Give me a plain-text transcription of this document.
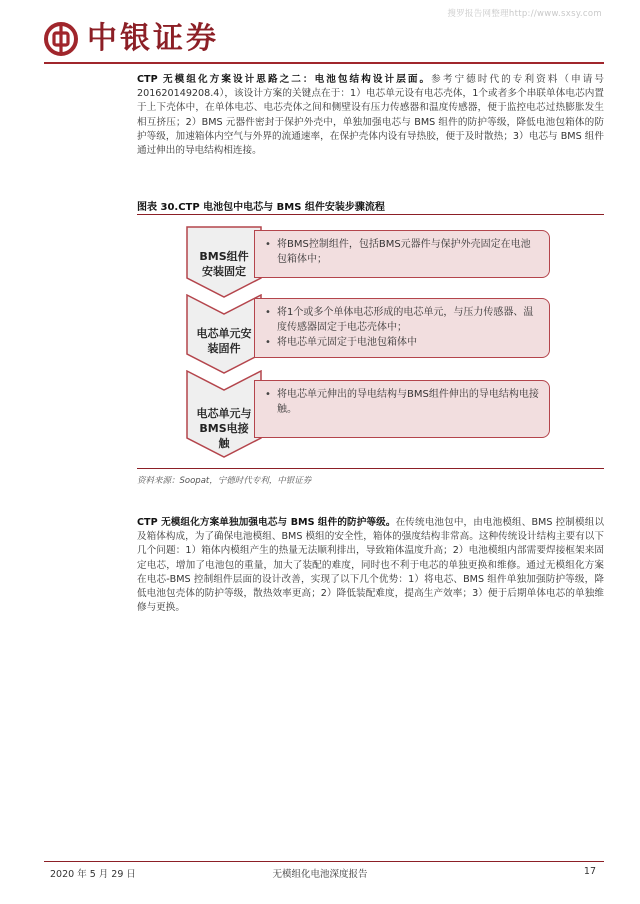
搜罗报告网整理http://www.sxsy.com
中银证券
CTP 无模组化方案设计思路之二：电池包结构设计层面。参考宁德时代的专利资料（申请号201620149208.4），该设计方案的关键点在于：1）电芯单元设有电芯壳体，1个或者多个串联单体电芯内置于上下壳体中，在单体电芯、电芯壳体之间和侧壁设有压力传感器和温度传感器，便于监控电芯过热膨胀发生相互挤压；2）BMS 元器件密封于保护外壳中，单独加强电芯与 BMS 组件的防护等级，降低电池包箱体的防护等级，加速箱体内空气与外界的流通速率，在保护壳体内设有导热胶，便于及时散热；3）电芯与 BMS 组件通过伸出的导电结构相连接。
图表 30.CTP 电池包中电芯与 BMS 组件安装步骤流程
BMS组件安装固定
• 将BMS控制组件，包括BMS元器件与保护外壳固定在电池包箱体中；
电芯单元安装固件
• 将1个或多个单体电芯形成的电芯单元，与压力传感器、温度传感器固定于电芯壳体中；
• 将电芯单元固定于电池包箱体中
电芯单元与BMS电接触
• 将电芯单元伸出的导电结构与BMS组件伸出的导电结构电接触。
资料来源：Soopat，宁德时代专利，中银证券
CTP 无模组化方案单独加强电芯与 BMS 组件的防护等级。在传统电池包中，由电池模组、BMS 控制模组以及箱体构成，为了确保电池模组、BMS 模组的安全性，箱体的强度结构非常高。这种传统设计结构主要有以下几个问题：1）箱体内模组产生的热量无法顺利排出，导致箱体温度升高；2）电池模组内部需要焊接框架来固定电芯，增加了电池包的重量，加大了装配的难度，同时也不利于电芯的单独更换和维修。通过无模组化方案在电芯-BMS 控制组件层面的设计改善，实现了以下几个优势：1）将电芯、BMS 组件单独加强防护等级，降低电池包壳体的防护等级，散热效率更高；2）降低装配难度，提高生产效率；3）便于后期单体电芯的单独维修与更换。
2020 年 5 月 29 日	无模组化电池深度报告	17
